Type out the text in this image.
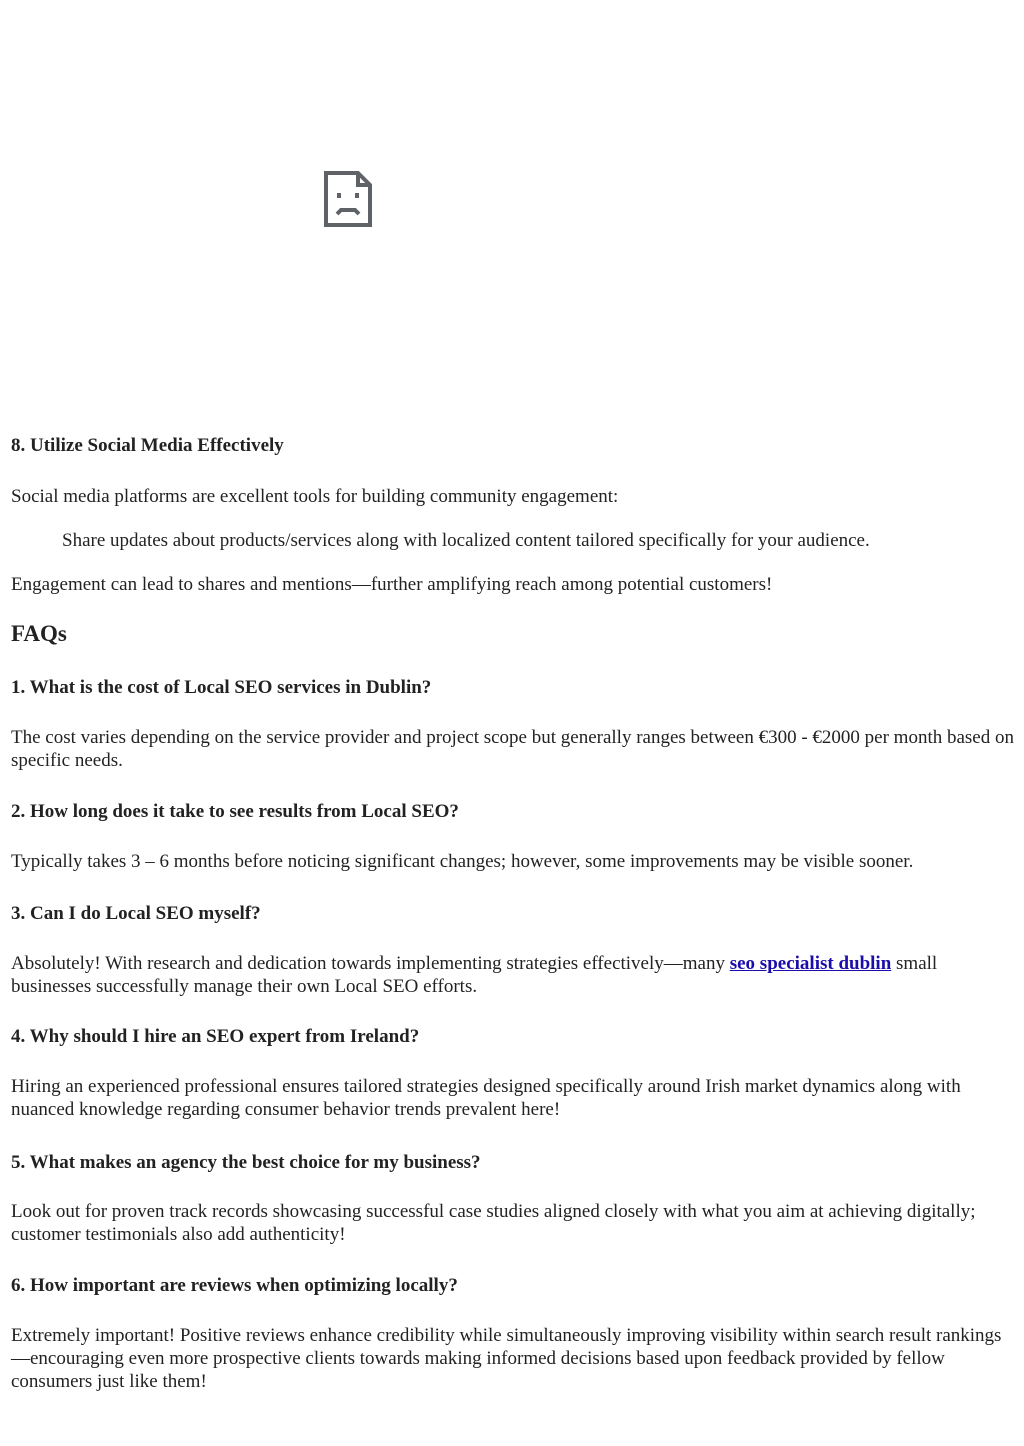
8. Utilize Social Media Effectively

Social media platforms are excellent tools for building community engagement:

Share updates about products/services along with localized content tailored specifically for your audience.

Engagement can lead to shares and mentions—further amplifying reach among potential customers!

FAQs
1. What is the cost of Local SEO services in Dublin?

The cost varies depending on the service provider and project scope but generally ranges between €300 - €2000 per month based on specific needs.

2. How long does it take to see results from Local SEO?

Typically takes 3 – 6 months before noticing significant changes; however, some improvements may be visible sooner.

3. Can I do Local SEO myself?

Absolutely! With research and dedication towards implementing strategies effectively—many seo specialist dublin small businesses successfully manage their own Local SEO efforts.

4. Why should I hire an SEO expert from Ireland?

Hiring an experienced professional ensures tailored strategies designed specifically around Irish market dynamics along with nuanced knowledge regarding consumer behavior trends prevalent here!

5. What makes an agency the best choice for my business?

Look out for proven track records showcasing successful case studies aligned closely with what you aim at achieving digitally; customer testimonials also add authenticity!

6. How important are reviews when optimizing locally?

Extremely important! Positive reviews enhance credibility while simultaneously improving visibility within search result rankings—encouraging even more prospective clients towards making informed decisions based upon feedback provided by fellow consumers just like them!
